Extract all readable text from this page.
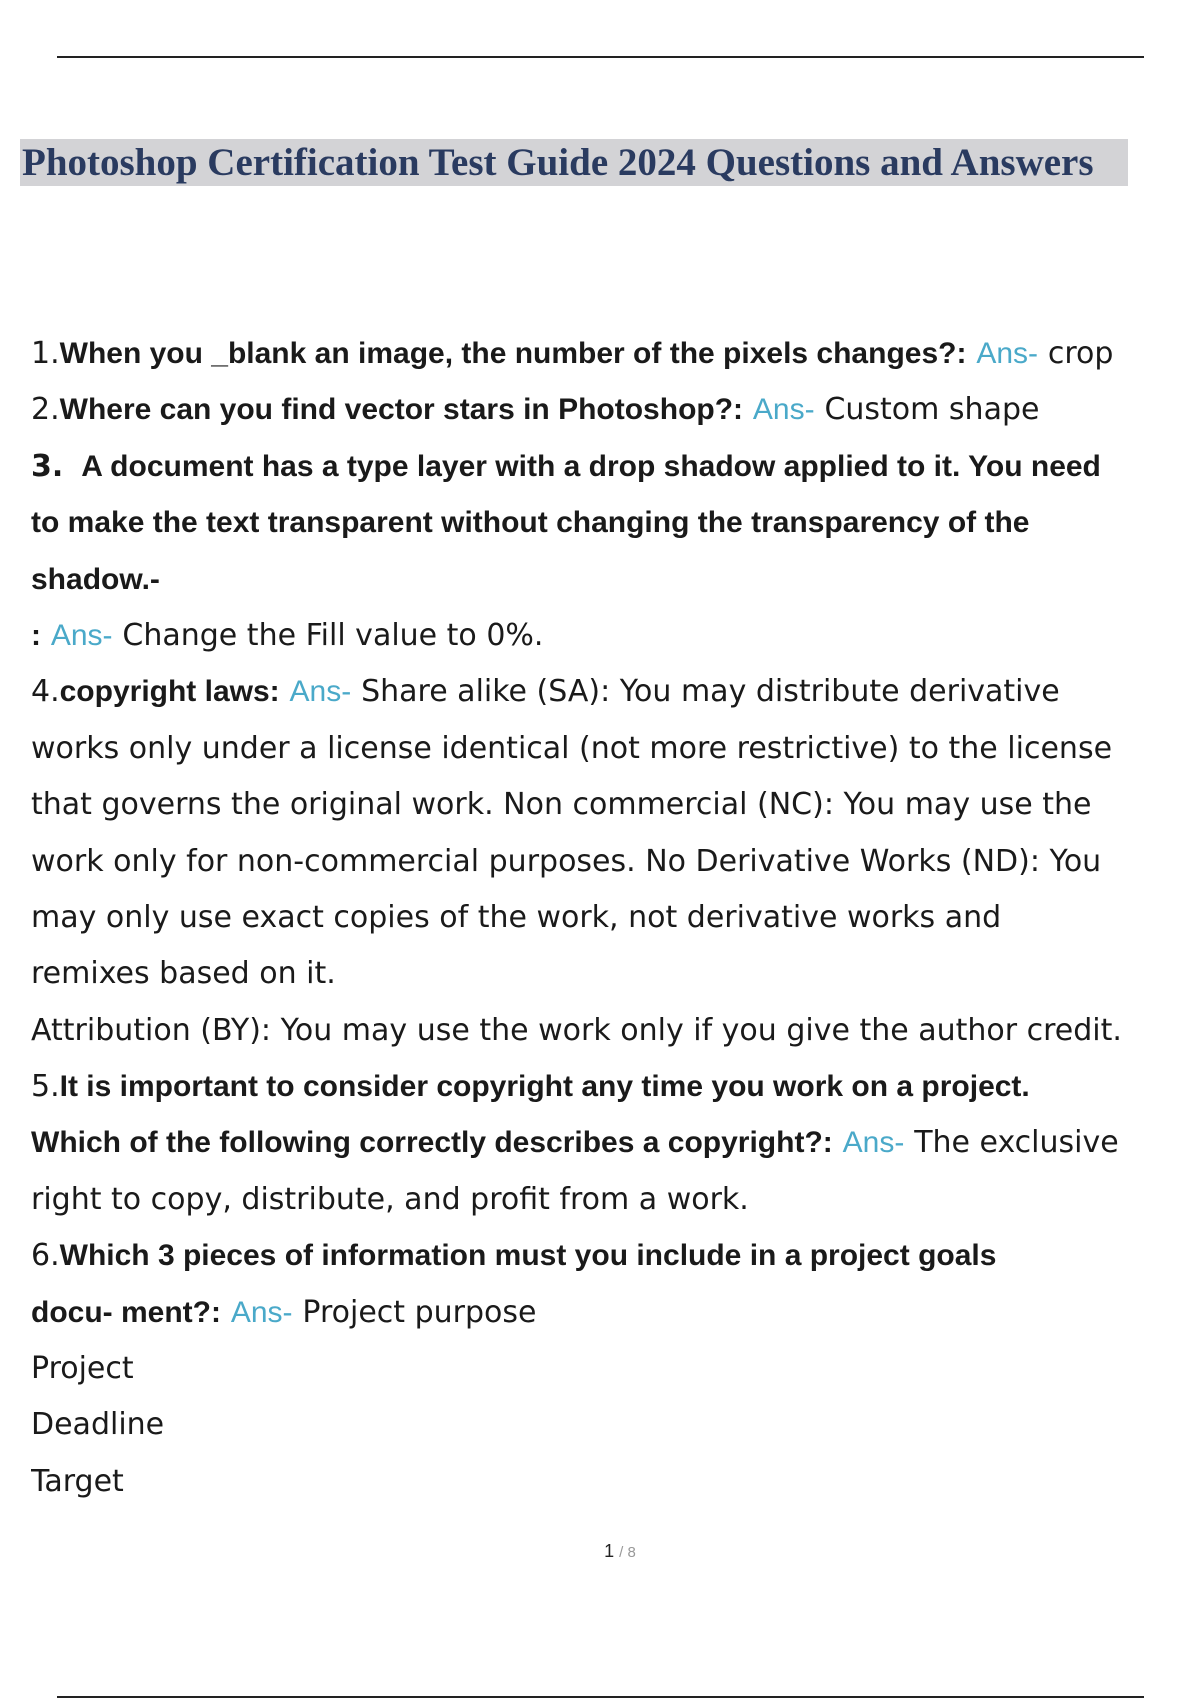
Photoshop Certification Test Guide 2024 Questions and Answers
1.When you _blank an image, the number of the pixels changes?: Ans- crop
2.Where can you find vector stars in Photoshop?: Ans- Custom shape
3. A document has a type layer with a drop shadow applied to it. You need
to make the text transparent without changing the transparency of the
shadow.-
: Ans- Change the Fill value to 0%.
4.copyright laws: Ans- Share alike (SA): You may distribute derivative
works only under a license identical (not more restrictive) to the license
that governs the original work. Non commercial (NC): You may use the
work only for non-commercial purposes. No Derivative Works (ND): You
may only use exact copies of the work, not derivative works and
remixes based on it.
Attribution (BY): You may use the work only if you give the author credit.
5.It is important to consider copyright any time you work on a project.
Which of the following correctly describes a copyright?: Ans- The exclusive
right to copy, distribute, and profit from a work.
6.Which 3 pieces of information must you include in a project goals
docu- ment?: Ans- Project purpose
Project
Deadline
Target
1 / 8
